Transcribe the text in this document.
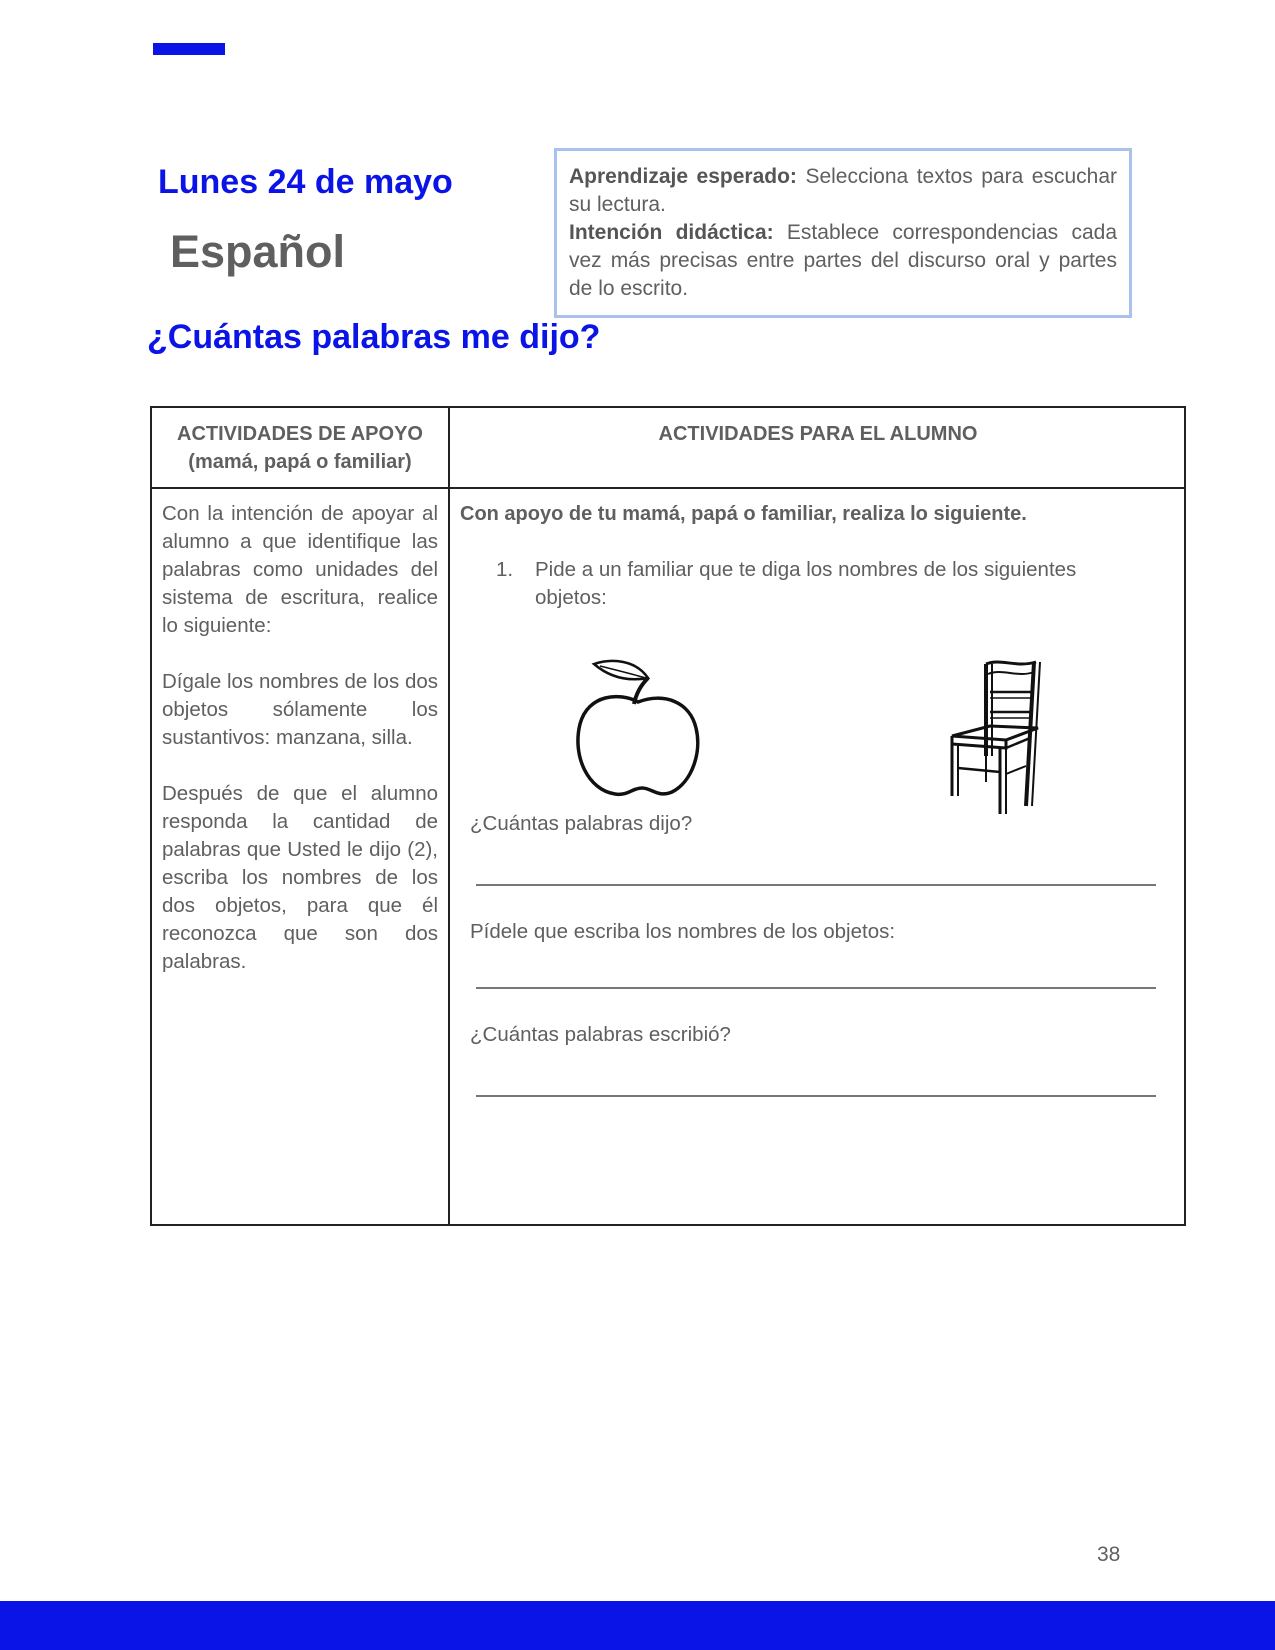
Lunes 24 de mayo
Español

Aprendizaje esperado: Selecciona textos para escuchar su lectura.

Intención didáctica: Establece correspondencias cada vez más precisas entre partes del discurso oral y partes de lo escrito.

¿Cuántas palabras me dijo?
ACTIVIDADES DE APOYO
(mamá, papá o familiar)
ACTIVIDADES PARA EL ALUMNO

Con la intención de apoyar al alumno a que identifique las palabras como unidades del sistema de escritura, realice lo siguiente:

Dígale los nombres de los dos objetos sólamente los sustantivos: manzana, silla.

Después de que el alumno responda la cantidad de palabras que Usted le dijo (2), escriba los nombres de los dos objetos, para que él reconozca que son dos palabras.

Con apoyo de tu mamá, papá o familiar, realiza lo siguiente.
1. Pide a un familiar que te diga los nombres de los siguientes objetos:
¿Cuántas palabras dijo?
Pídele que escriba los nombres de los objetos:
¿Cuántas palabras escribió?
38
